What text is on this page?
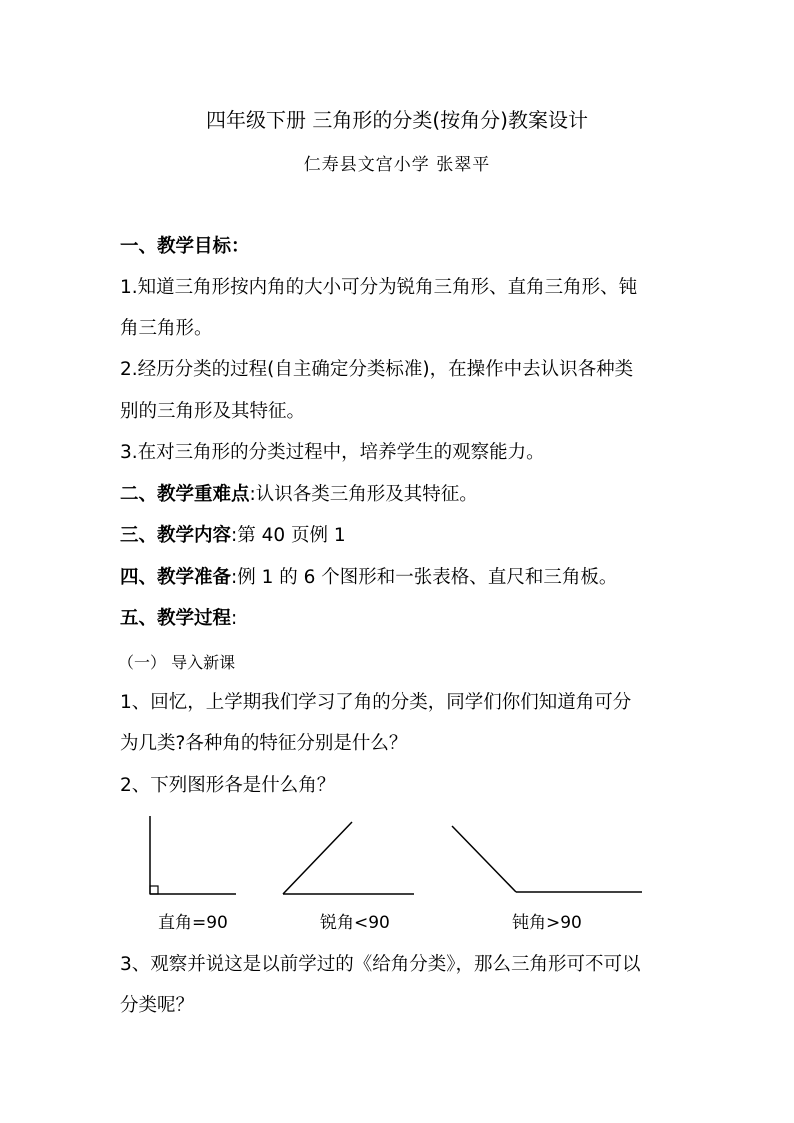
四年级下册 三角形的分类(按角分)教案设计
仁寿县文宫小学 张翠平
一、教学目标：
1.知道三角形按内角的大小可分为锐角三角形、直角三角形、钝
角三角形。
2.经历分类的过程(自主确定分类标准)，在操作中去认识各种类
别的三角形及其特征。
3.在对三角形的分类过程中，培养学生的观察能力。
二、教学重难点:认识各类三角形及其特征。
三、教学内容:第 40 页例 1
四、教学准备:例 1 的 6 个图形和一张表格、直尺和三角板。
五、教学过程:
（一） 导入新课
1、回忆，上学期我们学习了角的分类，同学们你们知道角可分
为几类?各种角的特征分别是什么？
2、下列图形各是什么角？
直角=90	锐角<90	钝角>90
3、观察并说这是以前学过的《给角分类》，那么三角形可不可以
分类呢？
